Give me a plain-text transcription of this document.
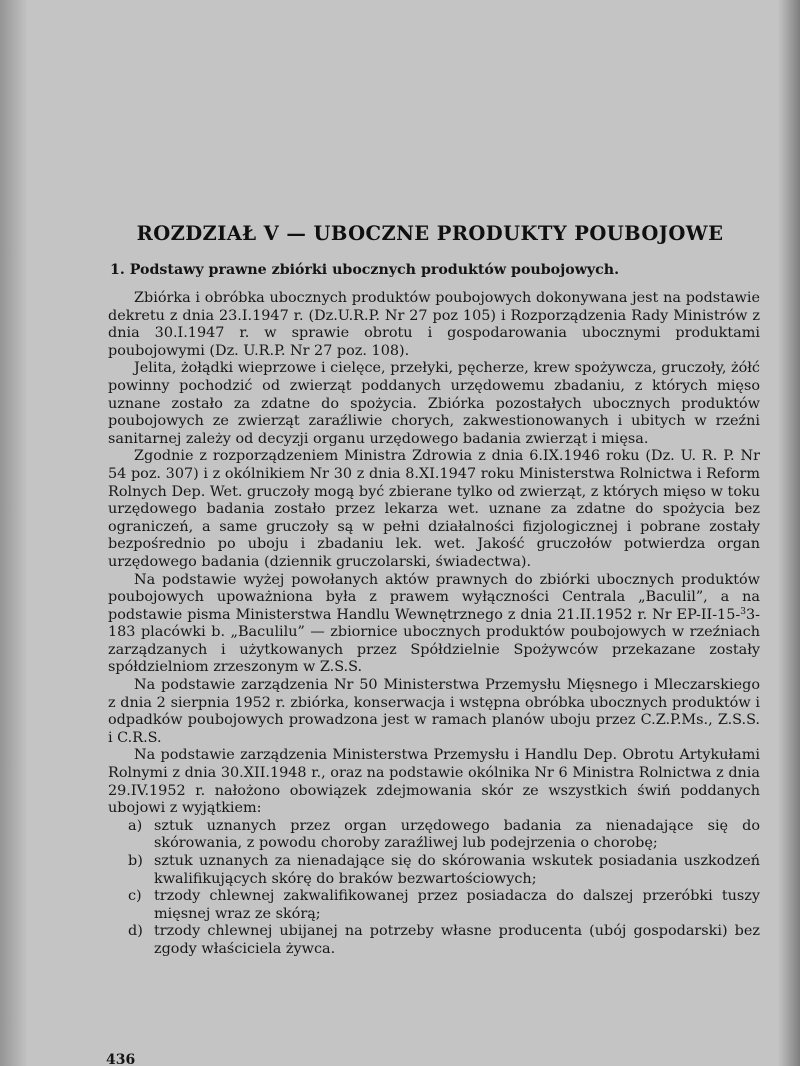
ROZDZIAŁ V — UBOCZNE PRODUKTY POUBOJOWE
1. Podstawy prawne zbiórki ubocznych produktów poubojowych.

Zbiórka i obróbka ubocznych produktów poubojowych dokonywana jest na podstawie dekretu z dnia 23.I.1947 r. (Dz.U.R.P. Nr 27 poz 105) i Rozporządzenia Rady Ministrów z dnia 30.I.1947 r. w sprawie obrotu i gospodarowania ubocznymi produktami poubojowymi (Dz. U.R.P. Nr 27 poz. 108).

Jelita, żołądki wieprzowe i cielęce, przełyki, pęcherze, krew spożywcza, gruczoły, żółć powinny pochodzić od zwierząt poddanych urzędowemu zbadaniu, z których mięso uznane zostało za zdatne do spożycia. Zbiórka pozostałych ubocznych produktów poubojowych ze zwierząt zaraźliwie chorych, zakwestionowanych i ubitych w rzeźni sanitarnej zależy od decyzji organu urzędowego badania zwierząt i mięsa.

Zgodnie z rozporządzeniem Ministra Zdrowia z dnia 6.IX.1946 roku (Dz. U. R. P. Nr 54 poz. 307) i z okólnikiem Nr 30 z dnia 8.XI.1947 roku Ministerstwa Rolnictwa i Reform Rolnych Dep. Wet. gruczoły mogą być zbierane tylko od zwierząt, z których mięso w toku urzędowego badania zostało przez lekarza wet. uznane za zdatne do spożycia bez ograniczeń, a same gruczoły są w pełni działalności fizjologicznej i pobrane zostały bezpośrednio po uboju i zbadaniu lek. wet. Jakość gruczołów potwierdza organ urzędowego badania (dziennik gruczolarski, świadectwa).

Na podstawie wyżej powołanych aktów prawnych do zbiórki ubocznych produktów poubojowych upoważniona była z prawem wyłączności Centrala „Baculil”, a na podstawie pisma Ministerstwa Handlu Wewnętrznego z dnia 21.II.1952 r. Nr EP-II-15-$^3$3-183 placówki b. „Baculilu” — zbiornice ubocznych produktów poubojowych w rzeźniach zarządzanych i użytkowanych przez Spółdzielnie Spożywców przekazane zostały spółdzielniom zrzeszonym w Z.S.S.

Na podstawie zarządzenia Nr 50 Ministerstwa Przemysłu Mięsnego i Mleczarskiego z dnia 2 sierpnia 1952 r. zbiórka, konserwacja i wstępna obróbka ubocznych produktów i odpadków poubojowych prowadzona jest w ramach planów uboju przez C.Z.P.Ms., Z.S.S. i C.R.S.

Na podstawie zarządzenia Ministerstwa Przemysłu i Handlu Dep. Obrotu Artykułami Rolnymi z dnia 30.XII.1948 r., oraz na podstawie okólnika Nr 6 Ministra Rolnictwa z dnia 29.IV.1952 r. nałożono obowiązek zdejmowania skór ze wszystkich świń poddanych ubojowi z wyjątkiem:

a) sztuk uznanych przez organ urzędowego badania za nienadające się do skórowania, z powodu choroby zaraźliwej lub podejrzenia o chorobę;
b) sztuk uznanych za nienadające się do skórowania wskutek posiadania uszkodzeń kwalifikujących skórę do braków bezwartościowych;
c) trzody chlewnej zakwalifikowanej przez posiadacza do dalszej przeróbki tuszy mięsnej wraz ze skórą;
d) trzody chlewnej ubijanej na potrzeby własne producenta (ubój gospodarski) bez zgody właściciela żywca.

436
